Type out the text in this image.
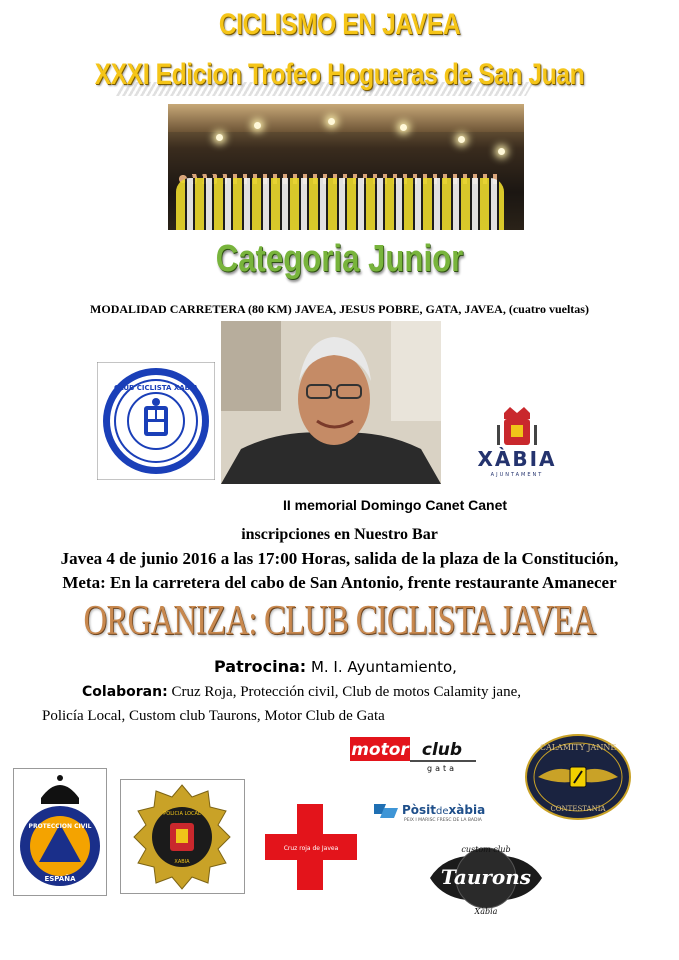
CICLISMO EN JAVEA
XXXI Edicion Trofeo Hogueras de San Juan
Categoria Junior
MODALIDAD CARRETERA (80 KM) JAVEA, JESUS POBRE, GATA, JAVEA, (cuatro vueltas)
CLUB CICLISTA XABIA
XÀBIA
AJUNTAMENT
II memorial Domingo Canet Canet
inscripciones en Nuestro Bar
Javea 4 de junio 2016 a las 17:00 Horas, salida de la plaza de la Constitución,
Meta: En la carretera del cabo de San Antonio, frente restaurante Amanecer
ORGANIZA: CLUB CICLISTA JAVEA
Patrocina: M. I. Ayuntamiento,
Colaboran: Cruz Roja, Protección civil, Club de motos Calamity jane,
Policía Local, Custom club Taurons, Motor Club de Gata
motor club
gata
CALAMITY JANNE
CONTESTANIA
PROTECCION CIVIL
ESPAÑA
POLICIA LOCAL
XABIA
Cruz roja de Javea
Pòsitdexàbia
PEIX I MARISC FRESC DE LA BADIA
custom club
Taurons
Xàbia
